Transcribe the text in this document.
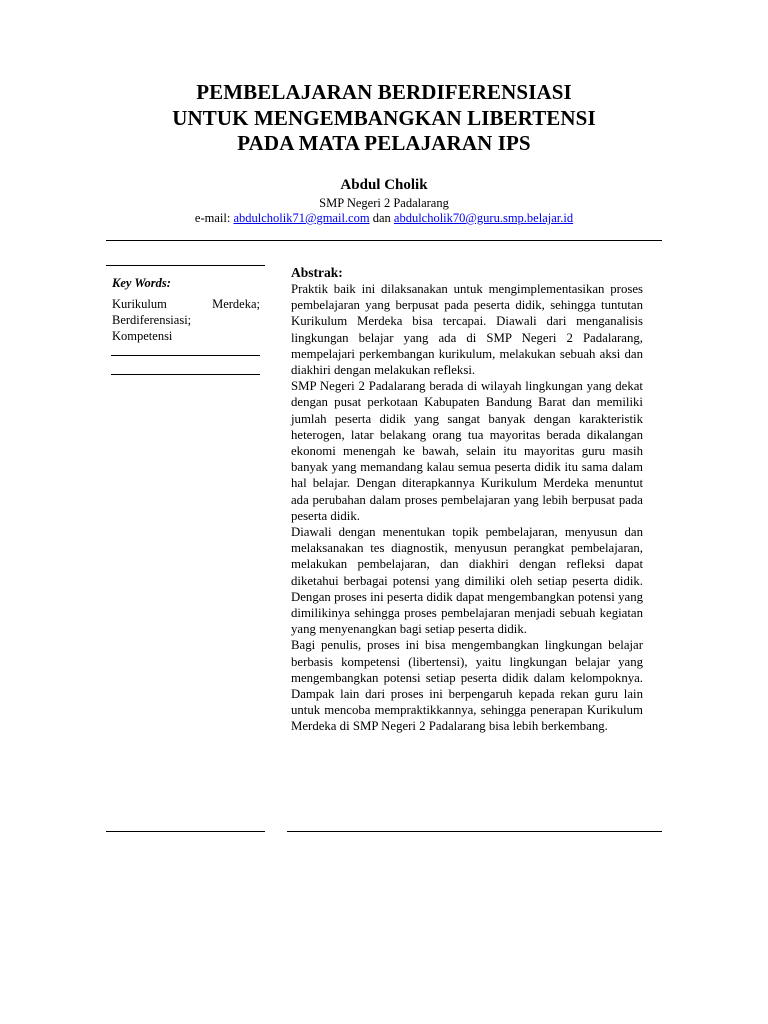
PEMBELAJARAN BERDIFERENSIASI
UNTUK MENGEMBANGKAN LIBERTENSI
PADA MATA PELAJARAN IPS
Abdul Cholik
SMP Negeri 2 Padalarang
e-mail: abdulcholik71@gmail.com dan abdulcholik70@guru.smp.belajar.id
Key Words:
Kurikulum	Merdeka;
Berdiferensiasi;
Kompetensi
Abstrak:

Praktik baik ini dilaksanakan untuk mengimplementasikan proses pembelajaran yang berpusat pada peserta didik, sehingga tuntutan Kurikulum Merdeka bisa tercapai. Diawali dari menganalisis lingkungan belajar yang ada di SMP Negeri 2 Padalarang, mempelajari perkembangan kurikulum, melakukan sebuah aksi dan diakhiri dengan melakukan refleksi.

SMP Negeri 2 Padalarang berada di wilayah lingkungan yang dekat dengan pusat perkotaan Kabupaten Bandung Barat dan memiliki jumlah peserta didik yang sangat banyak dengan karakteristik heterogen, latar belakang orang tua mayoritas berada dikalangan ekonomi menengah ke bawah, selain itu mayoritas guru masih banyak yang memandang kalau semua peserta didik itu sama dalam hal belajar. Dengan diterapkannya Kurikulum Merdeka menuntut ada perubahan dalam proses pembelajaran yang lebih berpusat pada peserta didik.

Diawali dengan menentukan topik pembelajaran, menyusun dan melaksanakan tes diagnostik, menyusun perangkat pembelajaran, melakukan pembelajaran, dan diakhiri dengan refleksi dapat diketahui berbagai potensi yang dimiliki oleh setiap peserta didik. Dengan proses ini peserta didik dapat mengembangkan potensi yang dimilikinya sehingga proses pembelajaran menjadi sebuah kegiatan yang menyenangkan bagi setiap peserta didik.

Bagi penulis, proses ini bisa mengembangkan lingkungan belajar berbasis kompetensi (libertensi), yaitu lingkungan belajar yang mengembangkan potensi setiap peserta didik dalam kelompoknya. Dampak lain dari proses ini berpengaruh kepada rekan guru lain untuk mencoba mempraktikkannya, sehingga penerapan Kurikulum Merdeka di SMP Negeri 2 Padalarang bisa lebih berkembang.
